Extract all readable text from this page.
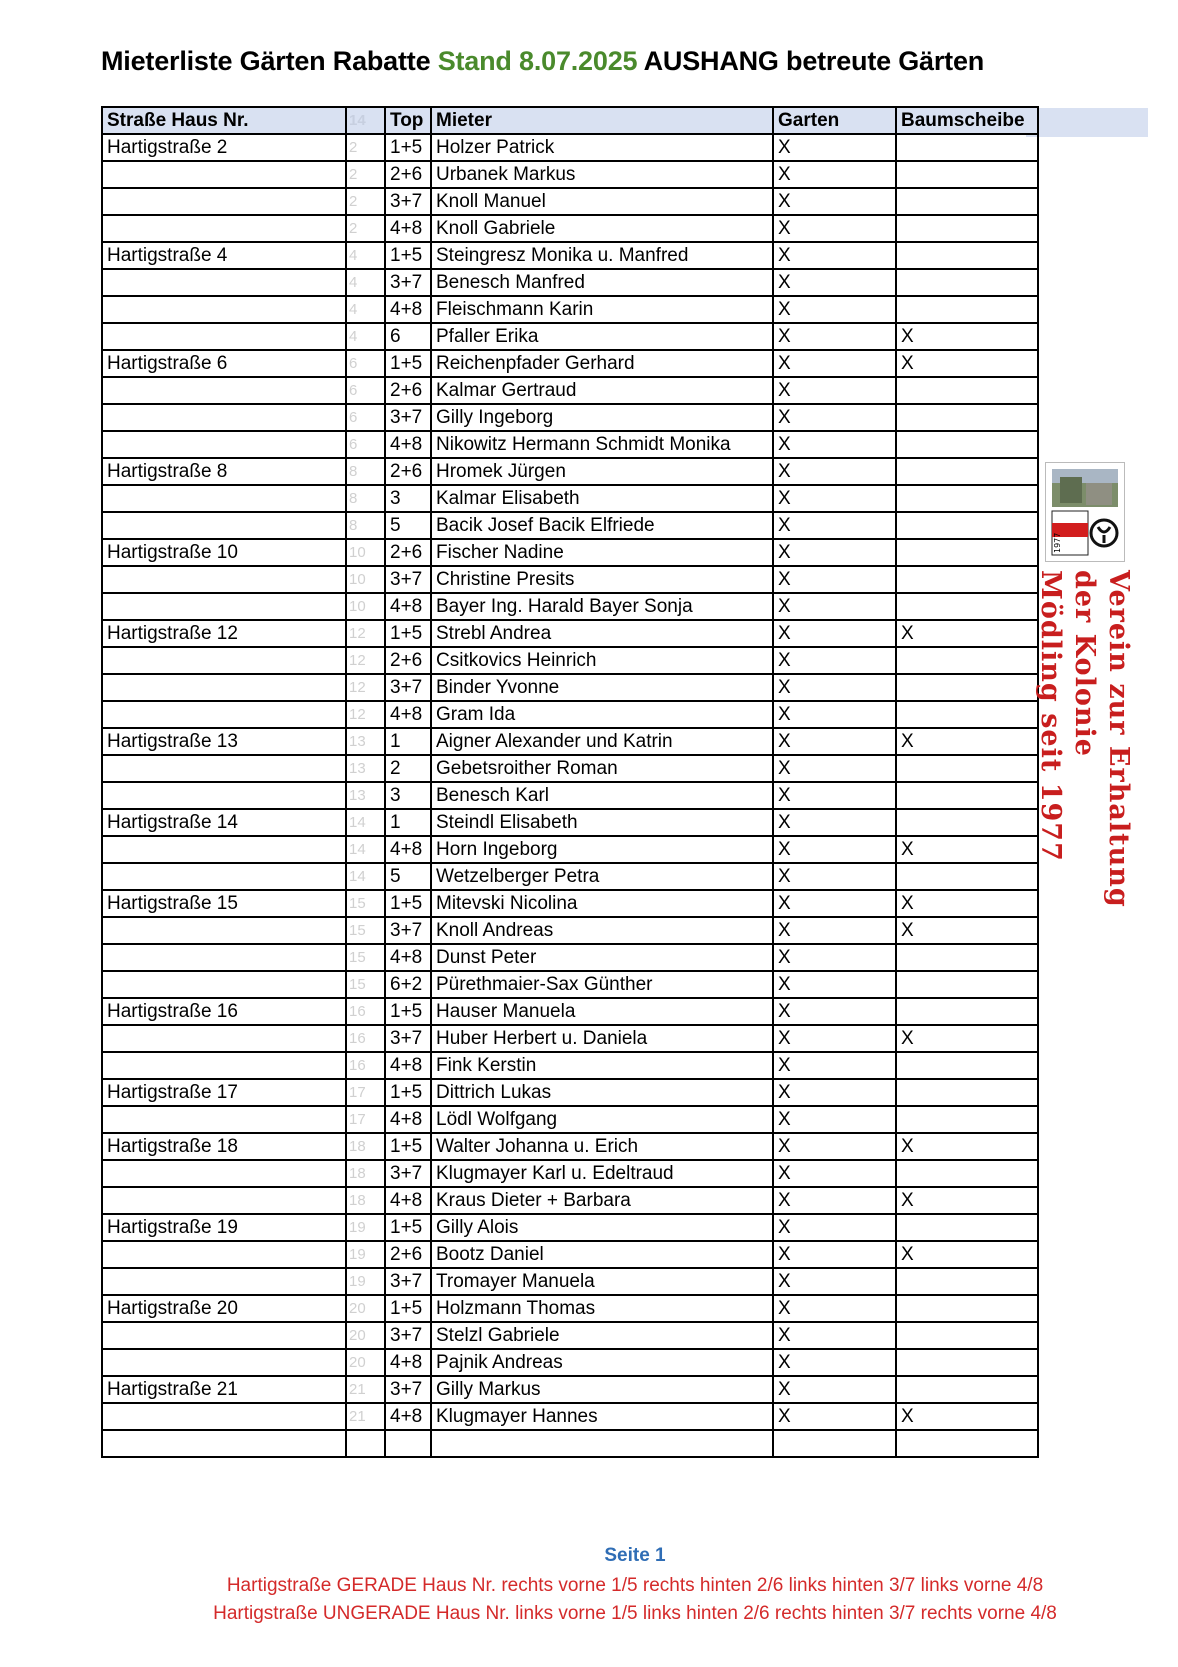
Mieterliste Gärten Rabatte Stand 8.07.2025 AUSHANG betreute Gärten
Straße Haus Nr.	14	Top	Mieter	Garten	Baumscheibe
Hartigstraße 2	2	1+5	Holzer Patrick	X	
	2	2+6	Urbanek Markus	X	
	2	3+7	Knoll Manuel	X	
	2	4+8	Knoll Gabriele	X	
Hartigstraße 4	4	1+5	Steingresz Monika u. Manfred	X	
	4	3+7	Benesch Manfred	X	
	4	4+8	Fleischmann Karin	X	
	4	6	Pfaller Erika	X	X
Hartigstraße 6	6	1+5	Reichenpfader Gerhard	X	X
	6	2+6	Kalmar Gertraud	X	
	6	3+7	Gilly Ingeborg	X	
	6	4+8	Nikowitz Hermann Schmidt Monika	X	
Hartigstraße 8	8	2+6	Hromek Jürgen	X	
	8	3	Kalmar Elisabeth	X	
	8	5	Bacik Josef Bacik Elfriede	X	
Hartigstraße 10	10	2+6	Fischer Nadine	X	
	10	3+7	Christine Presits	X	
	10	4+8	Bayer Ing. Harald Bayer Sonja	X	
Hartigstraße 12	12	1+5	Strebl Andrea	X	X
	12	2+6	Csitkovics Heinrich	X	
	12	3+7	Binder Yvonne	X	
	12	4+8	Gram Ida	X	
Hartigstraße 13	13	1	Aigner Alexander und Katrin	X	X
	13	2	Gebetsroither Roman	X	
	13	3	Benesch Karl	X	
Hartigstraße 14	14	1	Steindl Elisabeth	X	
	14	4+8	Horn Ingeborg	X	X
	14	5	Wetzelberger Petra	X	
Hartigstraße 15	15	1+5	Mitevski Nicolina	X	X
	15	3+7	Knoll Andreas	X	X
	15	4+8	Dunst Peter	X	
	15	6+2	Pürethmaier-Sax Günther	X	
Hartigstraße 16	16	1+5	Hauser Manuela	X	
	16	3+7	Huber Herbert u. Daniela	X	X
	16	4+8	Fink Kerstin	X	
Hartigstraße 17	17	1+5	Dittrich Lukas	X	
	17	4+8	Lödl Wolfgang	X	
Hartigstraße 18	18	1+5	Walter Johanna u. Erich	X	X
	18	3+7	Klugmayer Karl u. Edeltraud	X	
	18	4+8	Kraus Dieter + Barbara	X	X
Hartigstraße 19	19	1+5	Gilly Alois	X	
	19	2+6	Bootz Daniel	X	X
	19	3+7	Tromayer Manuela	X	
Hartigstraße 20	20	1+5	Holzmann Thomas	X	
	20	3+7	Stelzl Gabriele	X	
	20	4+8	Pajnik Andreas	X	
Hartigstraße 21	21	3+7	Gilly Markus	X	
	21	4+8	Klugmayer Hannes	X	X

Seite 1
Hartigstraße GERADE Haus Nr. rechts vorne 1/5 rechts hinten 2/6 links hinten 3/7 links vorne 4/8
Hartigstraße UNGERADE Haus Nr. links vorne 1/5 links hinten 2/6 rechts hinten 3/7 rechts vorne 4/8
1977
Verein zur Erhaltung der Kolonie
Mödling seit 1977
